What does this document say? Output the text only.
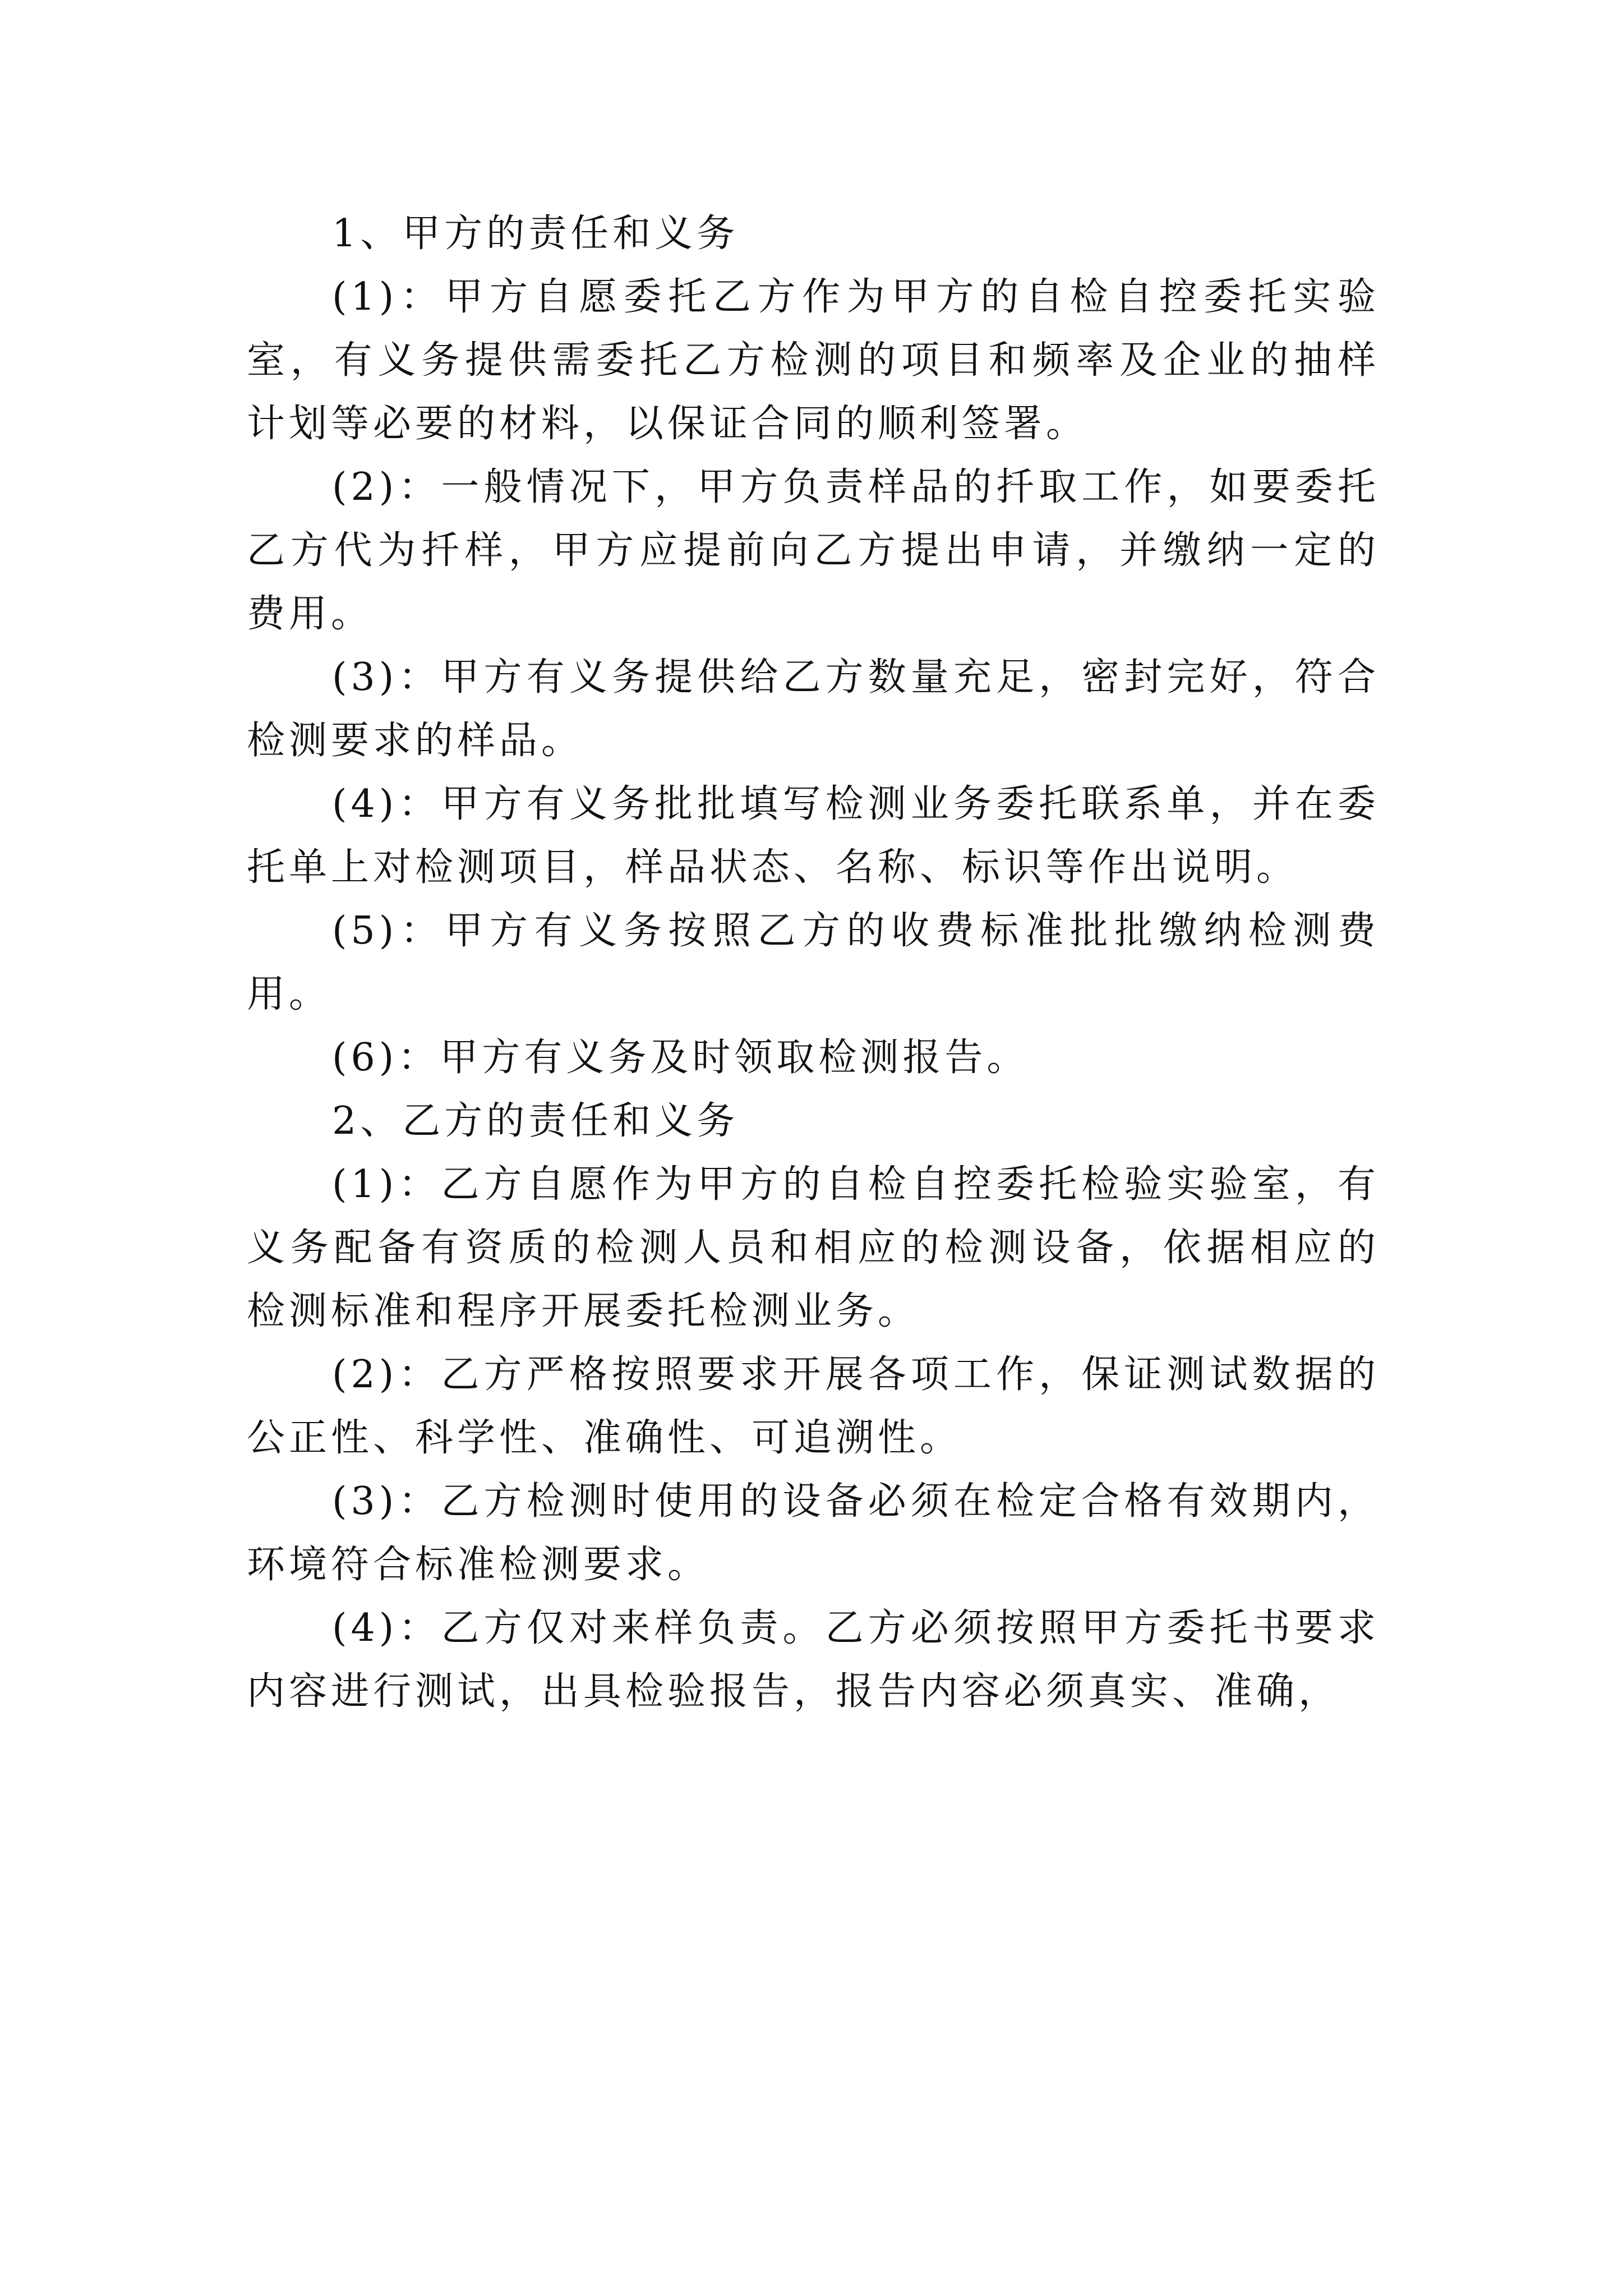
1、甲方的责任和义务

(1)：甲方自愿委托乙方作为甲方的自检自控委托实验室，有义务提供需委托乙方检测的项目和频率及企业的抽样计划等必要的材料，以保证合同的顺利签署。

(2)：一般情况下，甲方负责样品的扦取工作，如要委托乙方代为扦样，甲方应提前向乙方提出申请，并缴纳一定的费用。

(3)：甲方有义务提供给乙方数量充足，密封完好，符合检测要求的样品。

(4)：甲方有义务批批填写检测业务委托联系单，并在委托单上对检测项目，样品状态、名称、标识等作出说明。

(5)：甲方有义务按照乙方的收费标准批批缴纳检测费用。

(6)：甲方有义务及时领取检测报告。

2、乙方的责任和义务

(1)：乙方自愿作为甲方的自检自控委托检验实验室，有义务配备有资质的检测人员和相应的检测设备，依据相应的检测标准和程序开展委托检测业务。

(2)：乙方严格按照要求开展各项工作，保证测试数据的公正性、科学性、准确性、可追溯性。

(3)：乙方检测时使用的设备必须在检定合格有效期内，环境符合标准检测要求。

(4)：乙方仅对来样负责。乙方必须按照甲方委托书要求内容进行测试，出具检验报告，报告内容必须真实、准确，
